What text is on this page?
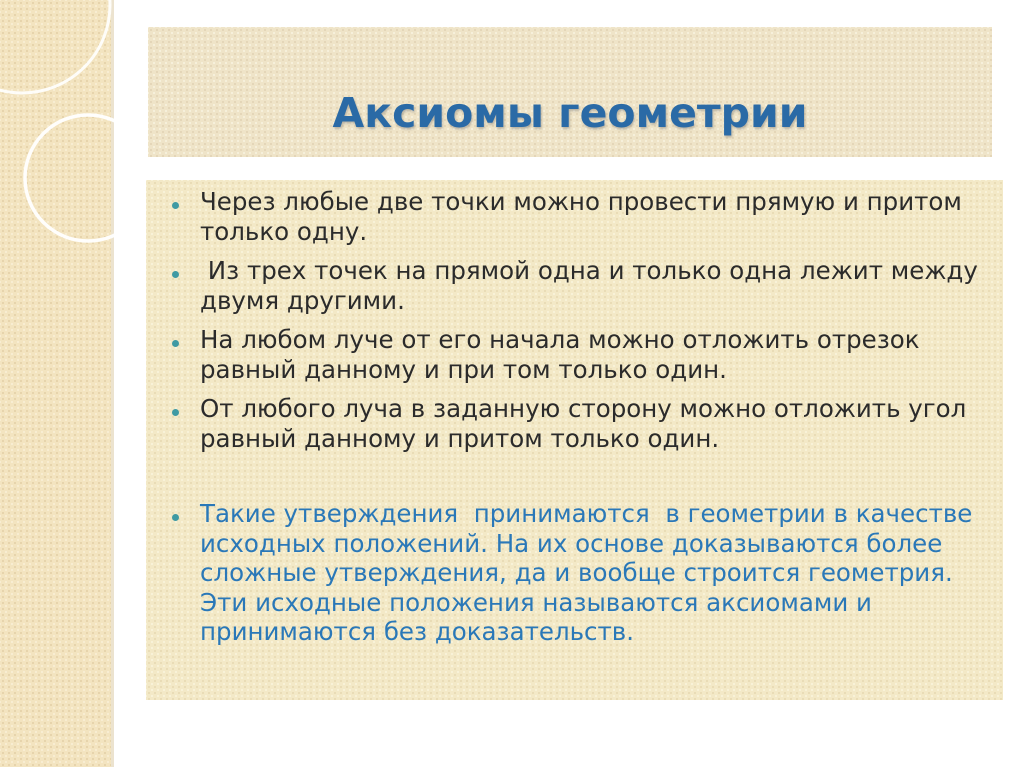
Аксиомы геометрии

Через любые две точки можно провести прямую и притом
только одну.

Из трех точек на прямой одна и только одна лежит между
двумя другими.

На любом луче от его начала можно отложить отрезок
равный данному и при том только один.

От любого луча в заданную сторону можно отложить угол
равный данному и притом только один.

Такие утверждения  принимаются  в геометрии в качестве
исходных положений. На их основе доказываются более
сложные утверждения, да и вообще строится геометрия.
Эти исходные положения называются аксиомами и
принимаются без доказательств.
